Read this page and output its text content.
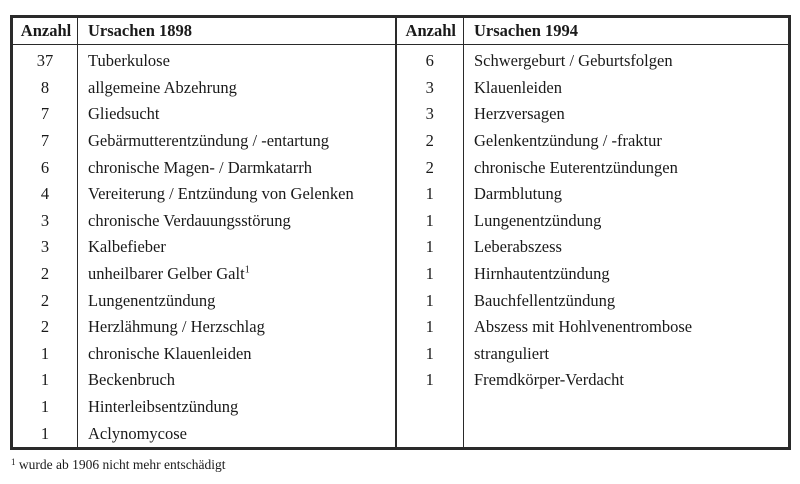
Anzahl	Ursachen 1898	Anzahl	Ursachen 1994
37	Tuberkulose	6	Schwergeburt / Geburtsfolgen
8	allgemeine Abzehrung	3	Klauenleiden
7	Gliedsucht	3	Herzversagen
7	Gebärmutterentzündung / -entartung	2	Gelenkentzündung / -fraktur
6	chronische Magen- / Darmkatarrh	2	chronische Euterentzündungen
4	Vereiterung / Entzündung von Gelenken	1	Darmblutung
3	chronische Verdauungsstörung	1	Lungenentzündung
3	Kalbefieber	1	Leberabszess
2	unheilbarer Gelber Galt$^1$	1	Hirnhautentzündung
2	Lungenentzündung	1	Bauchfellentzündung
2	Herzlähmung / Herzschlag	1	Abszess mit Hohlvenentrombose
1	chronische Klauenleiden	1	stranguliert
1	Beckenbruch	1	Fremdkörper-Verdacht
1	Hinterleibsentzündung		
1	Aclynomycose		
$^1$ wurde ab 1906 nicht mehr entschädigt
